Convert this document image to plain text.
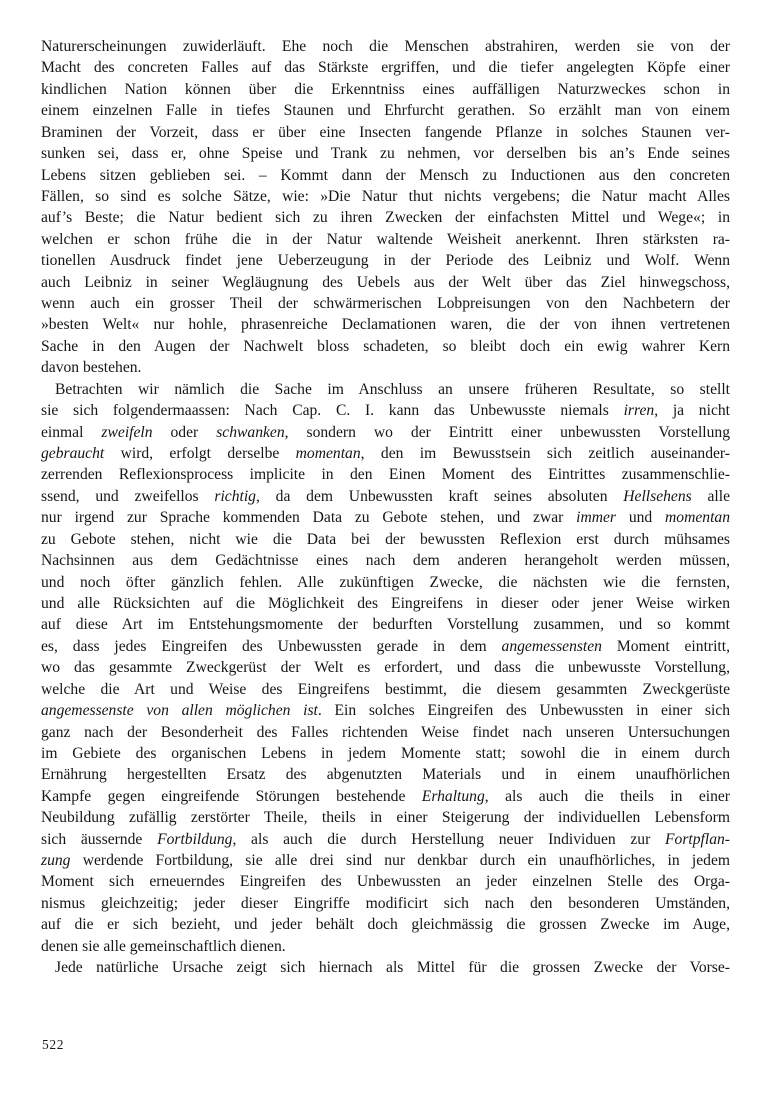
Naturerscheinungen zuwiderläuft. Ehe noch die Menschen abstrahiren, werden sie von der
Macht des concreten Falles auf das Stärkste ergriffen, und die tiefer angelegten Köpfe einer
kindlichen Nation können über die Erkenntniss eines auffälligen Naturzweckes schon in
einem einzelnen Falle in tiefes Staunen und Ehrfurcht gerathen. So erzählt man von einem
Braminen der Vorzeit, dass er über eine Insecten fangende Pflanze in solches Staunen ver-
sunken sei, dass er, ohne Speise und Trank zu nehmen, vor derselben bis an’s Ende seines
Lebens sitzen geblieben sei. – Kommt dann der Mensch zu Inductionen aus den concreten
Fällen, so sind es solche Sätze, wie: »Die Natur thut nichts vergebens; die Natur macht Alles
auf’s Beste; die Natur bedient sich zu ihren Zwecken der einfachsten Mittel und Wege«; in
welchen er schon frühe die in der Natur waltende Weisheit anerkennt. Ihren stärksten ra-
tionellen Ausdruck findet jene Ueberzeugung in der Periode des Leibniz und Wolf. Wenn
auch Leibniz in seiner Wegläugnung des Uebels aus der Welt über das Ziel hinwegschoss,
wenn auch ein grosser Theil der schwärmerischen Lobpreisungen von den Nachbetern der
»besten Welt« nur hohle, phrasenreiche Declamationen waren, die der von ihnen vertretenen
Sache in den Augen der Nachwelt bloss schadeten, so bleibt doch ein ewig wahrer Kern
davon bestehen.
Betrachten wir nämlich die Sache im Anschluss an unsere früheren Resultate, so stellt
sie sich folgendermaassen: Nach Cap. C. I. kann das Unbewusste niemals irren, ja nicht
einmal zweifeln oder schwanken, sondern wo der Eintritt einer unbewussten Vorstellung
gebraucht wird, erfolgt derselbe momentan, den im Bewusstsein sich zeitlich auseinander-
zerrenden Reflexionsprocess implicite in den Einen Moment des Eintrittes zusammenschlie-
ssend, und zweifellos richtig, da dem Unbewussten kraft seines absoluten Hellsehens alle
nur irgend zur Sprache kommenden Data zu Gebote stehen, und zwar immer und momentan
zu Gebote stehen, nicht wie die Data bei der bewussten Reflexion erst durch mühsames
Nachsinnen aus dem Gedächtnisse eines nach dem anderen herangeholt werden müssen,
und noch öfter gänzlich fehlen. Alle zukünftigen Zwecke, die nächsten wie die fernsten,
und alle Rücksichten auf die Möglichkeit des Eingreifens in dieser oder jener Weise wirken
auf diese Art im Entstehungsmomente der bedurften Vorstellung zusammen, und so kommt
es, dass jedes Eingreifen des Unbewussten gerade in dem angemessensten Moment eintritt,
wo das gesammte Zweckgerüst der Welt es erfordert, und dass die unbewusste Vorstellung,
welche die Art und Weise des Eingreifens bestimmt, die diesem gesammten Zweckgerüste
angemessenste von allen möglichen ist. Ein solches Eingreifen des Unbewussten in einer sich
ganz nach der Besonderheit des Falles richtenden Weise findet nach unseren Untersuchungen
im Gebiete des organischen Lebens in jedem Momente statt; sowohl die in einem durch
Ernährung hergestellten Ersatz des abgenutzten Materials und in einem unaufhörlichen
Kampfe gegen eingreifende Störungen bestehende Erhaltung, als auch die theils in einer
Neubildung zufällig zerstörter Theile, theils in einer Steigerung der individuellen Lebensform
sich äussernde Fortbildung, als auch die durch Herstellung neuer Individuen zur Fortpflan-
zung werdende Fortbildung, sie alle drei sind nur denkbar durch ein unaufhörliches, in jedem
Moment sich erneuerndes Eingreifen des Unbewussten an jeder einzelnen Stelle des Orga-
nismus gleichzeitig; jeder dieser Eingriffe modificirt sich nach den besonderen Umständen,
auf die er sich bezieht, und jeder behält doch gleichmässig die grossen Zwecke im Auge,
denen sie alle gemeinschaftlich dienen.
Jede natürliche Ursache zeigt sich hiernach als Mittel für die grossen Zwecke der Vorse-
522
